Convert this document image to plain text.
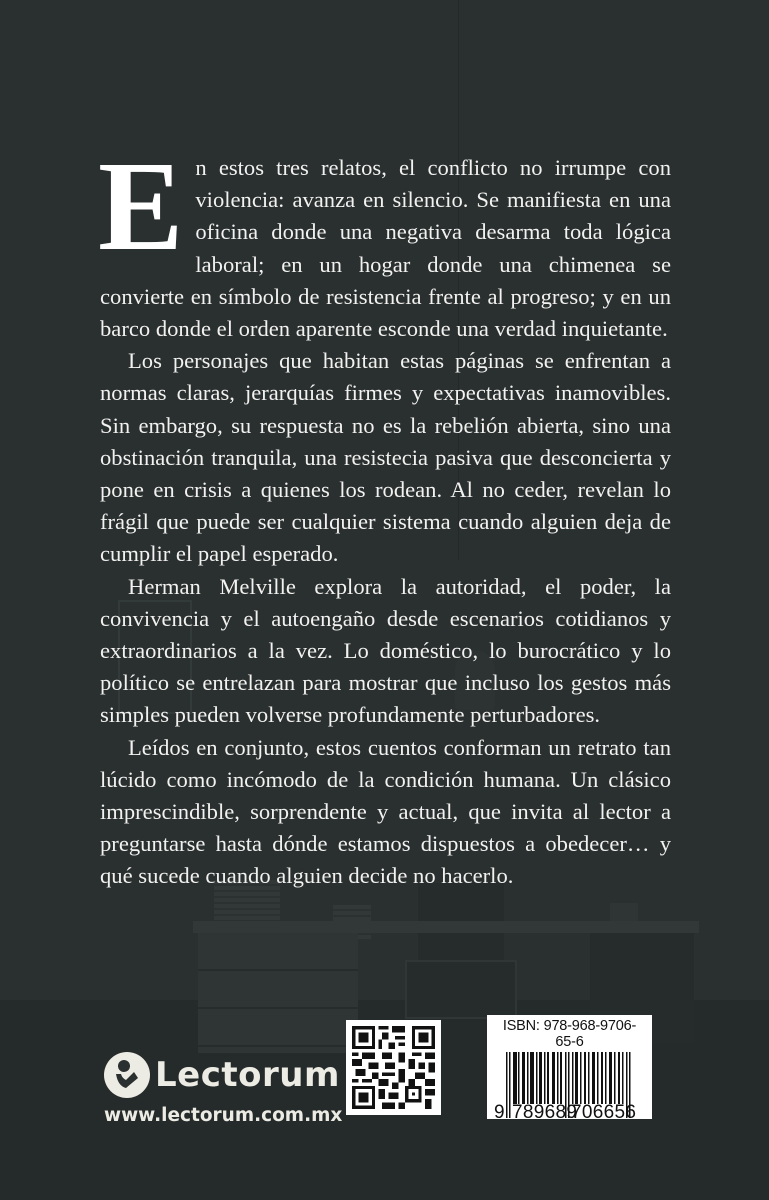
En estos tres relatos, el conflicto no irrumpe con violencia: avanza en silencio. Se manifiesta en una oficina donde una negativa desarma toda lógica laboral; en un hogar donde una chimenea se convierte en símbolo de resistencia frente al progreso; y en un barco donde el orden aparente esconde una verdad inquietante.

Los personajes que habitan estas páginas se enfrentan a normas claras, jerarquías firmes y expectativas inamovibles. Sin embargo, su respuesta no es la rebelión abierta, sino una obstinación tranquila, una resistecia pasiva que desconcierta y pone en crisis a quienes los rodean. Al no ceder, revelan lo frágil que puede ser cualquier sistema cuando alguien deja de cumplir el papel esperado.

Herman Melville explora la autoridad, el poder, la convivencia y el autoengaño desde escenarios cotidianos y extraordinarios a la vez. Lo doméstico, lo burocrático y lo político se entrelazan para mostrar que incluso los gestos más simples pueden volverse profundamente perturbadores.

Leídos en conjunto, estos cuentos conforman un retrato tan lúcido como incómodo de la condición humana. Un clásico imprescindible, sorprendente y actual, que invita al lector a preguntarse hasta dónde estamos dispuestos a obedecer… y qué sucede cuando alguien decide no hacerlo.

Lectorum
www.lectorum.com.mx
ISBN: 978-968-9706-65-6
9 789689
706656
